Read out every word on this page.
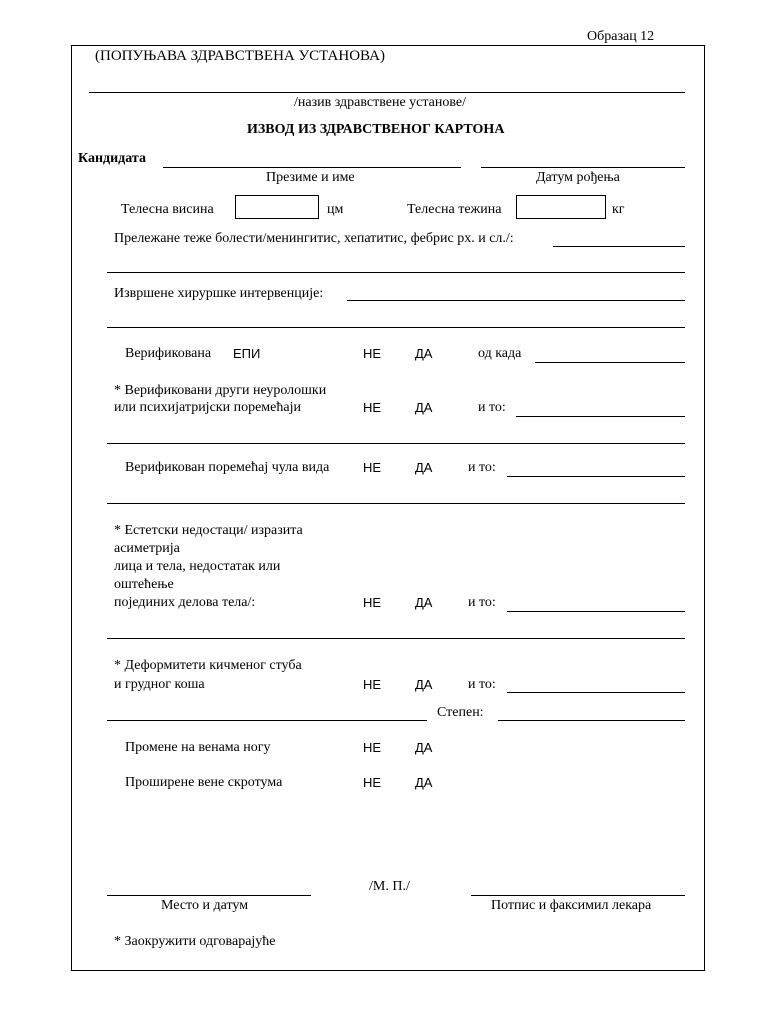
Образац 12
(ПОПУЊАВА ЗДРАВСТВЕНА УСТАНОВА)
/назив здравствене установе/
ИЗВОД ИЗ ЗДРАВСТВЕНОГ КАРТОНА
Кандидата
Презиме и име	Датум рођења
Телесна висина	цм	Телесна тежина	кг
Прележане теже болести/менингитис, хепатитис, фебрис рх. и сл./:
Извршене хируршке интервенције:
Верификована ЕПИ	НЕ	ДА	од када
* Верификовани други неуролошки
или психијатријски поремећаји	НЕ	ДА	и то:
Верификован поремећај чула вида	НЕ	ДА	и то:
* Естетски недостаци/ изразита
асиметрија
лица и тела, недостатак или
оштећење
појединих делова тела/:	НЕ	ДА	и то:
* Деформитети кичменог стуба
и грудног коша	НЕ	ДА	и то:
Степен:
Промене на венама ногу	НЕ	ДА
Проширене вене скротума	НЕ	ДА
/М. П./
Место и датум	Потпис и факсимил лекара
* Заокружити одговарајуће
